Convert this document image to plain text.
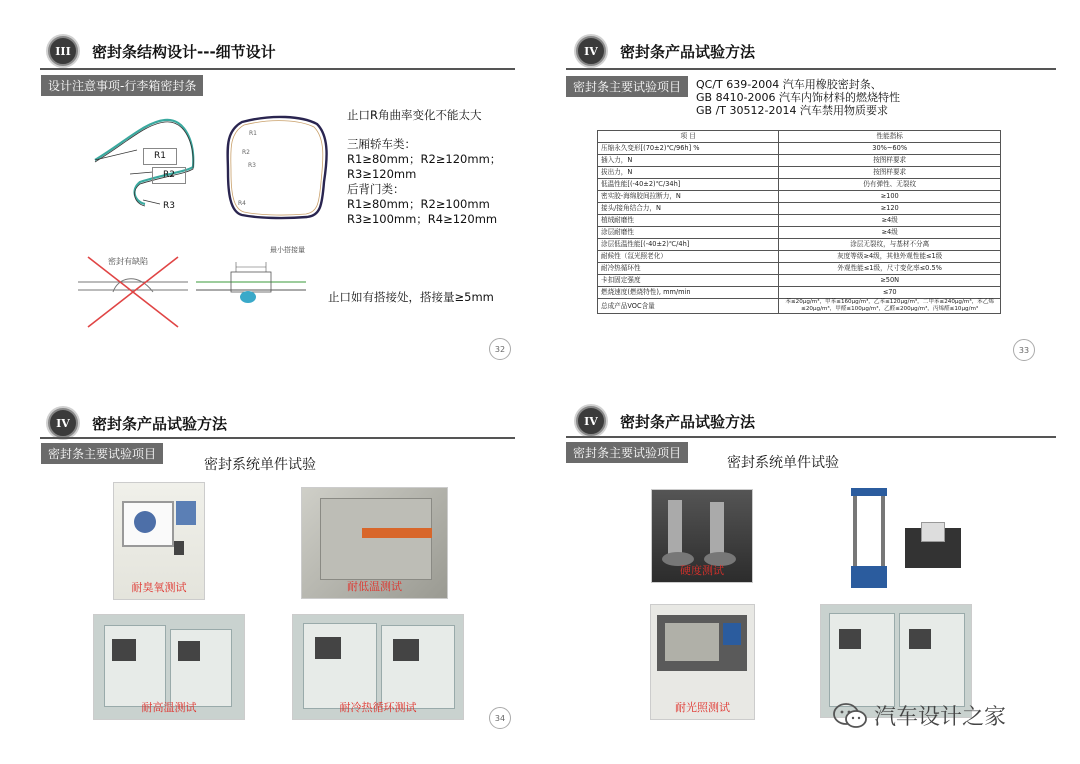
III	密封条结构设计---细节设计
设计注意事项-行李箱密封条
R1
R2
R3
R1
R2
R3
R4
止口R角曲率变化不能太大
三厢轿车类：
R1≥80mm；R2≥120mm；
R3≥120mm
后背门类：
R1≥80mm；R2≥100mm
R3≥100mm；R4≥120mm
密封有缺陷
最小搭接量
止口如有搭接处，搭接量≥5mm
32
IV	密封条产品试验方法
密封条主要试验项目	QC/T 639-2004 汽车用橡胶密封条、
GB 8410-2006 汽车内饰材料的燃烧特性
GB /T 30512-2014 汽车禁用物质要求
33
项 目	性能指标
压缩永久变形[(70±2)℃/96h] %	30%~60%
插入力，N	按图样要求
拔出力，N	按图样要求
低温性能[(-40±2)℃/34h]	仍有弹性、无裂纹
密实胶-海绵胶间拉断力，N	≥100
接头/接角结合力，N	≥120
植绒耐磨性	≥4级
涂层耐磨性	≥4级
涂层低温性能[(-40±2)℃/4h]	涂层无裂纹，与基材不分离
耐候性（氙光照老化）	灰度等级≥4级，其他外观性能≤1级
耐冷热循环性	外观性能≤1级，尺寸变化率≤0.5%
卡扣固定强度	≥50N
燃烧速度(燃烧特性), mm/min	≤70
总成产品VOC含量	苯≤20μg/m³，甲苯≤160μg/m³，乙苯≤120μg/m³，二甲苯≤240μg/m³，苯乙烯≤20μg/m³，甲醛≤100μg/m³，乙醛≤200μg/m³，丙烯醛≤10μg/m³
IV	密封条产品试验方法
密封条主要试验项目
密封系统单件试验
耐臭氧测试	耐低温测试
耐高温测试	耐冷热循环测试
34
IV	密封条产品试验方法
密封条主要试验项目
密封系统单件试验
硬度测试
耐光照测试	汽车设计之家
